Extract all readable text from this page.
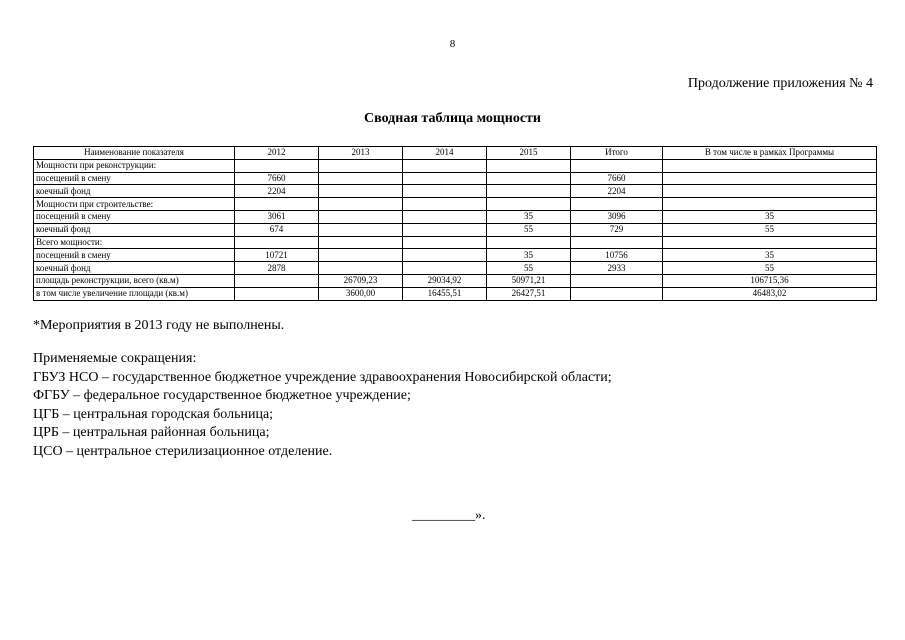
8
Продолжение приложения № 4
Сводная таблица мощности
Наименование показателя	2012	2013	2014	2015	Итого	В том числе в рамках Программы
Мощности при реконструкции:						
посещений в смену	7660				7660	
коечный фонд	2204				2204	
Мощности при строительстве:						
посещений в смену	3061			35	3096	35
коечный фонд	674			55	729	55
Всего мощности:						
посещений в смену	10721			35	10756	35
коечный фонд	2878			55	2933	55
площадь реконструкции, всего (кв.м)		26709,23	29034,92	50971,21		106715,36
в том числе увеличение площади (кв.м)		3600,00	16455,51	26427,51		46483,02
*Мероприятия в 2013 году не выполнены.
Применяемые сокращения:
ГБУЗ НСО – государственное бюджетное учреждение здравоохранения Новосибирской области;
ФГБУ – федеральное государственное бюджетное учреждение;
ЦГБ – центральная городская больница;
ЦРБ – центральная районная больница;
ЦСО – центральное стерилизационное отделение.
_________».
